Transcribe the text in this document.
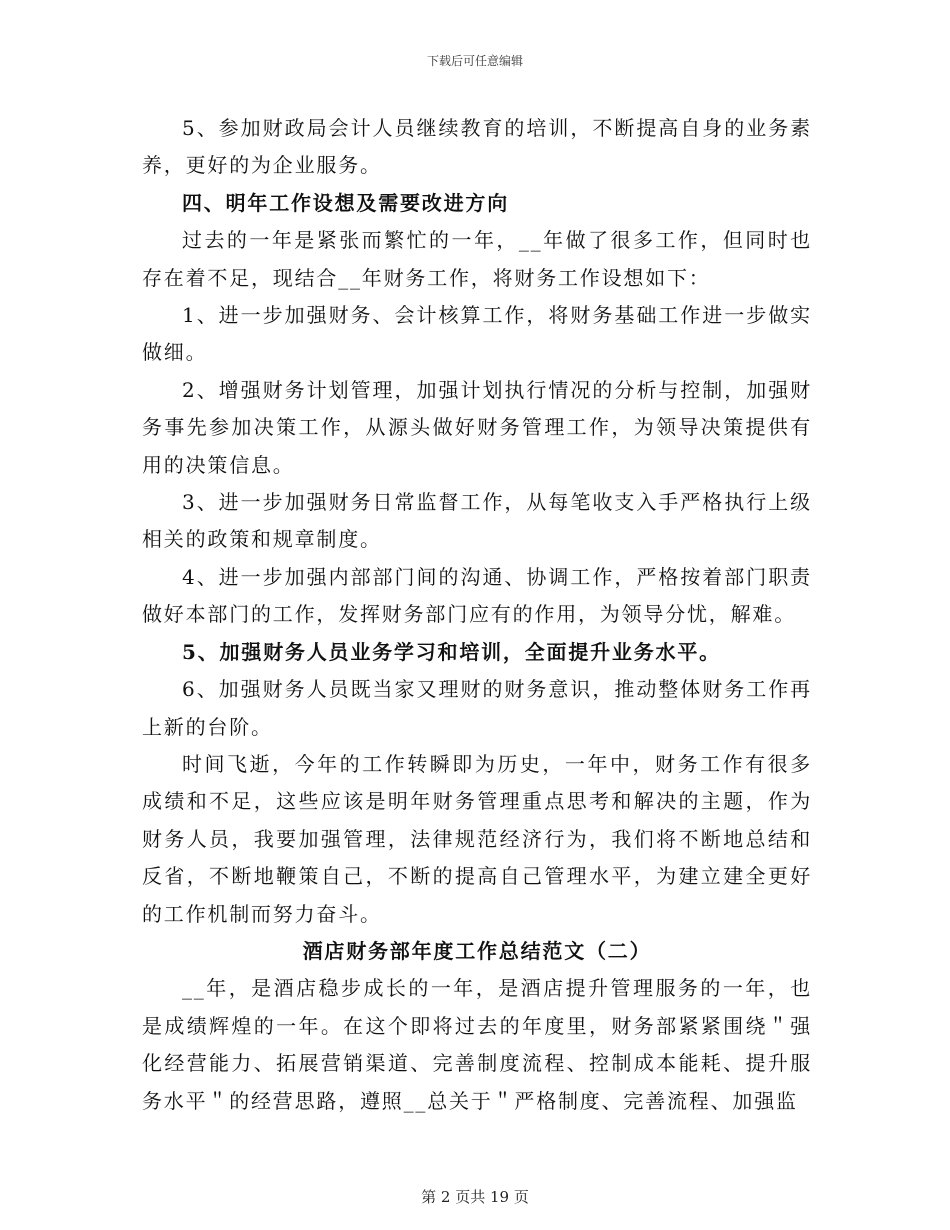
下载后可任意编辑

5、参加财政局会计人员继续教育的培训，不断提高自身的业务素养，更好的为企业服务。

四、明年工作设想及需要改进方向

过去的一年是紧张而繁忙的一年，__年做了很多工作，但同时也存在着不足，现结合__年财务工作，将财务工作设想如下：

1、进一步加强财务、会计核算工作，将财务基础工作进一步做实做细。

2、增强财务计划管理，加强计划执行情况的分析与控制，加强财务事先参加决策工作，从源头做好财务管理工作，为领导决策提供有用的决策信息。

3、进一步加强财务日常监督工作，从每笔收支入手严格执行上级相关的政策和规章制度。

4、进一步加强内部部门间的沟通、协调工作，严格按着部门职责做好本部门的工作，发挥财务部门应有的作用，为领导分忧，解难。

5、加强财务人员业务学习和培训，全面提升业务水平。

6、加强财务人员既当家又理财的财务意识，推动整体财务工作再上新的台阶。

时间飞逝，今年的工作转瞬即为历史，一年中，财务工作有很多成绩和不足，这些应该是明年财务管理重点思考和解决的主题，作为财务人员，我要加强管理，法律规范经济行为，我们将不断地总结和反省，不断地鞭策自己，不断的提高自己管理水平，为建立建全更好的工作机制而努力奋斗。

酒店财务部年度工作总结范文（二）

__年，是酒店稳步成长的一年，是酒店提升管理服务的一年，也是成绩辉煌的一年。在这个即将过去的年度里，财务部紧紧围绕＂强化经营能力、拓展营销渠道、完善制度流程、控制成本能耗、提升服务水平＂的经营思路，遵照__总关于＂严格制度、完善流程、加强监

第 2 页共 19 页
